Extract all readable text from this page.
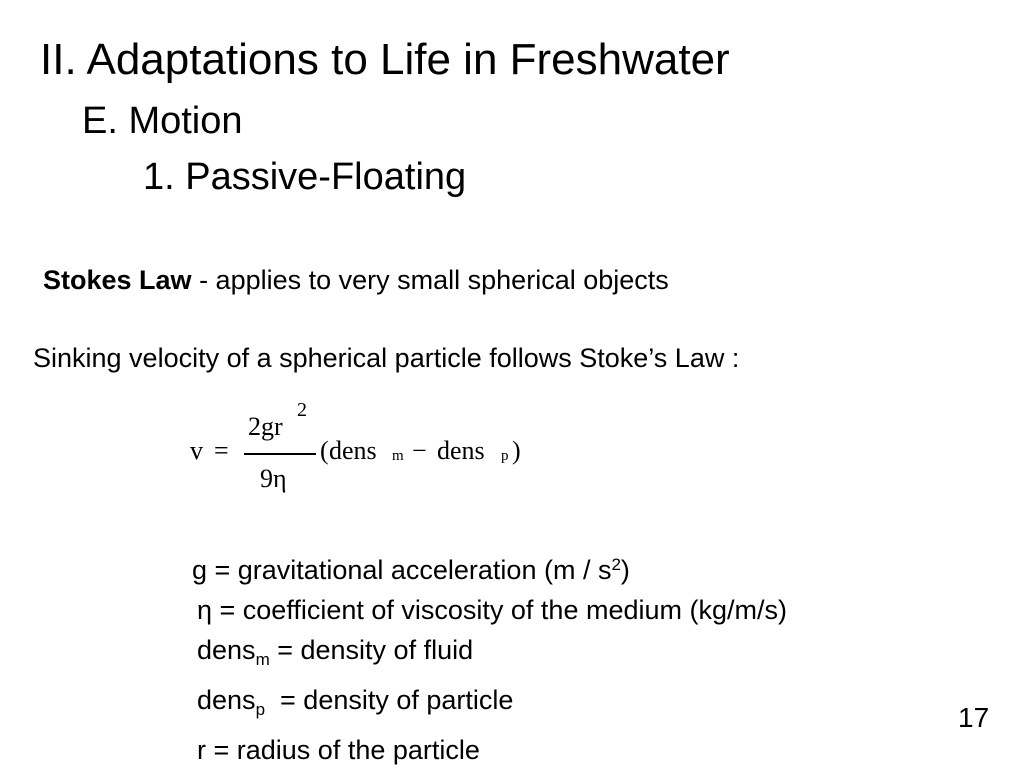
II. Adaptations to Life in Freshwater
E. Motion
1. Passive-Floating
Stokes Law - applies to very small spherical objects
Sinking velocity of a spherical particle follows Stoke’s Law :
v =
2gr
2
9η
( dens m − dens p )
g = gravitational acceleration $(m / s^2)$
η = coefficient of viscosity of the medium (kg/m/s)
dens$_m$ = density of fluid
dens$_p$  = density of particle
r = radius of the particle
17
